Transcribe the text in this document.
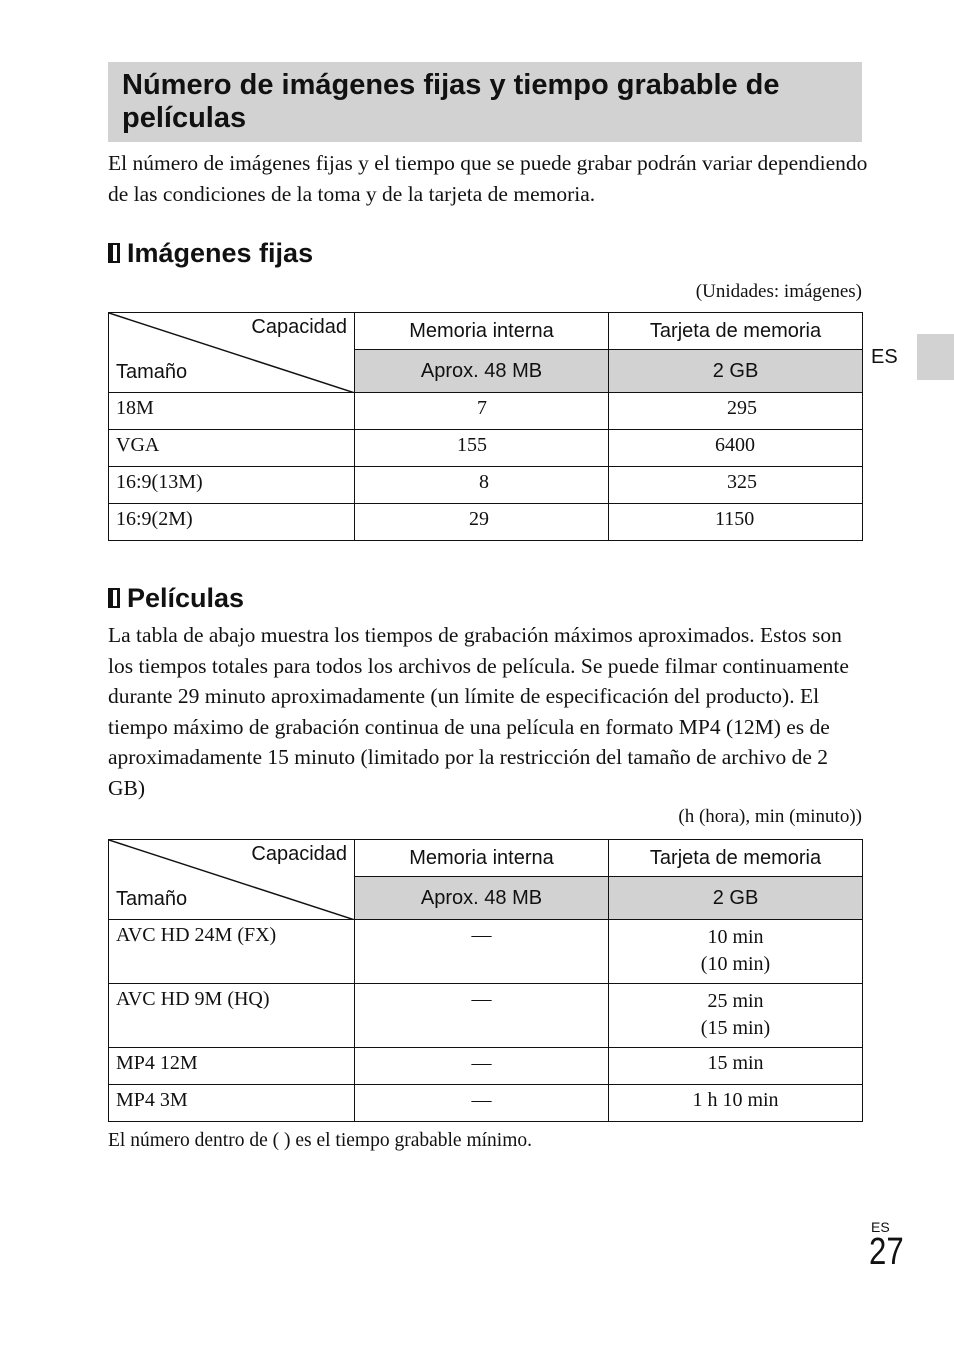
Número de imágenes fijas y tiempo grabable de películas

El número de imágenes fijas y el tiempo que se puede grabar podrán variar dependiendo de las condiciones de la toma y de la tarjeta de memoria.

ES
Imágenes fijas
(Unidades: imágenes)
Capacidad
Tamaño	Memoria interna	Tarjeta de memoria
	Aprox. 48 MB	2 GB
18M	7	295

VGA	155	6400

16:9(13M)	8	325

16:9(2M)	29	1150
Películas

La tabla de abajo muestra los tiempos de grabación máximos aproximados. Estos son los tiempos totales para todos los archivos de película. Se puede filmar continuamente durante 29 minuto aproximadamente (un límite de especificación del producto). El tiempo máximo de grabación continua de una película en formato MP4 (12M) es de aproximadamente 15 minuto (limitado por la restricción del tamaño de archivo de 2 GB)

(h (hora), min (minuto))
Capacidad
Tamaño	Memoria interna	Tarjeta de memoria
	Aprox. 48 MB	2 GB
AVC HD 24M (FX)	—	10 min
(10 min)

AVC HD 9M (HQ)	—	25 min
(15 min)

MP4 12M	—	15 min
MP4 3M	—	1 h 10 min

El número dentro de ( ) es el tiempo grabable mínimo.

ES
27
